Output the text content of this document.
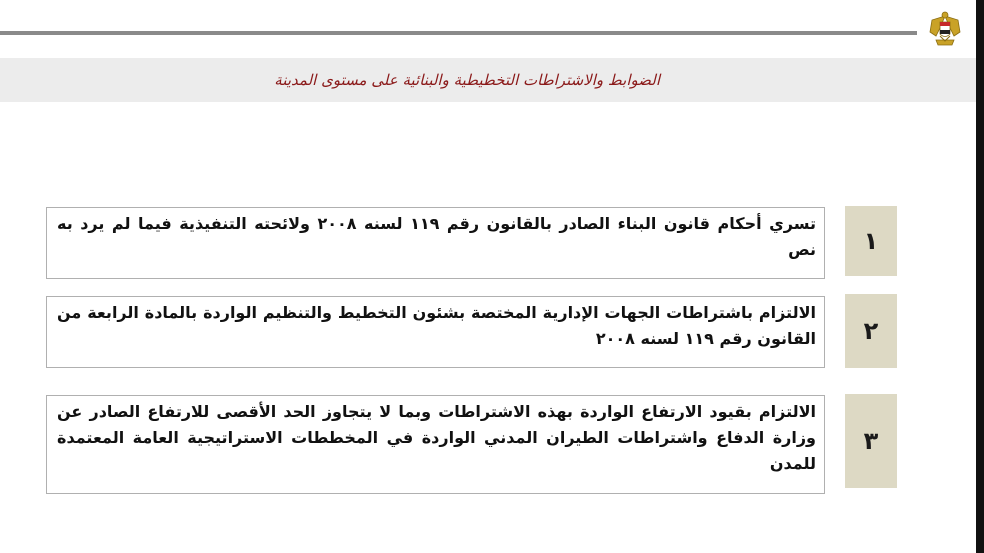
الضوابط والاشتراطات التخطيطية والبنائية على مستوى المدينة
١

تسري أحكام قانون البناء الصادر بالقانون رقم ١١٩ لسنه ٢٠٠٨ ولائحته التنفيذية فيما لم يرد به نص

٢

الالتزام باشتراطات الجهات الإدارية المختصة بشئون التخطيط والتنظيم الواردة بالمادة الرابعة من القانون رقم ١١٩ لسنه ٢٠٠٨

٣

الالتزام بقيود الارتفاع الواردة بهذه الاشتراطات وبما لا يتجاوز الحد الأقصى للارتفاع الصادر عن وزارة الدفاع واشتراطات الطيران المدني الواردة في المخططات الاستراتيجية العامة المعتمدة للمدن
